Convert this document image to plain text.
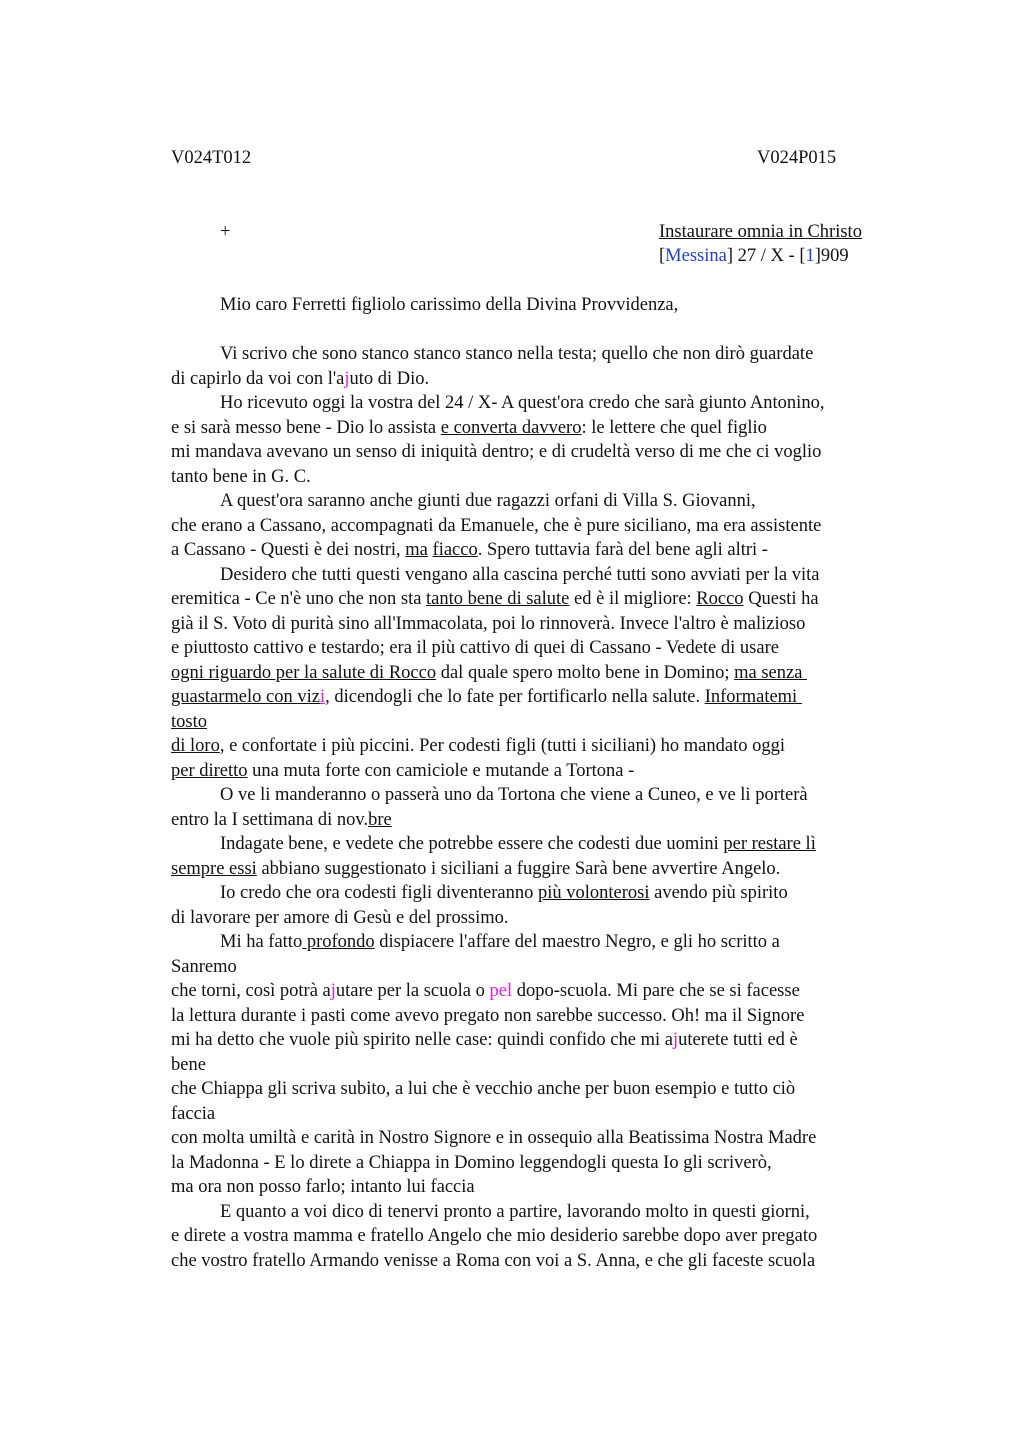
V024T012	V024P015
+	Instaurare omnia in Christo
[Messina] 27 / X - [1]909
Mio caro Ferretti figliolo carissimo della Divina Provvidenza,
Vi scrivo che sono stanco stanco stanco nella testa; quello che non dirò guardate
di capirlo da voi con l'ajuto di Dio.
Ho ricevuto oggi la vostra del 24 / X- A quest'ora credo che sarà giunto Antonino,
e si sarà messo bene - Dio lo assista e converta davvero: le lettere che quel figlio
mi mandava avevano un senso di iniquità dentro; e di crudeltà verso di me che ci voglio
tanto bene in G. C.
A quest'ora saranno anche giunti due ragazzi orfani di Villa S. Giovanni,
che erano a Cassano, accompagnati da Emanuele, che è pure siciliano, ma era assistente
a Cassano - Questi è dei nostri, ma fiacco. Spero tuttavia farà del bene agli altri -
Desidero che tutti questi vengano alla cascina perché tutti sono avviati per la vita
eremitica - Ce n'è uno che non sta tanto bene di salute ed è il migliore: Rocco Questi ha
già il S. Voto di purità sino all'Immacolata, poi lo rinnoverà. Invece l'altro è malizioso
e piuttosto cattivo e testardo; era il più cattivo di quei di Cassano - Vedete di usare
ogni riguardo per la salute di Rocco dal quale spero molto bene in Domino; ma senza
guastarmelo con vizi, dicendogli che lo fate per fortificarlo nella salute. Informatemi
tosto
di loro, e confortate i più piccini. Per codesti figli (tutti i siciliani) ho mandato oggi
per diretto una muta forte con camiciole e mutande a Tortona -
O ve li manderanno o passerà uno da Tortona che viene a Cuneo, e ve li porterà
entro la I settimana di nov.bre
Indagate bene, e vedete che potrebbe essere che codesti due uomini per restare lì
sempre essi abbiano suggestionato i siciliani a fuggire Sarà bene avvertire Angelo.
Io credo che ora codesti figli diventeranno più volonterosi avendo più spirito
di lavorare per amore di Gesù e del prossimo.
Mi ha fatto profondo dispiacere l'affare del maestro Negro, e gli ho scritto a
Sanremo
che torni, così potrà ajutare per la scuola o pel dopo-scuola. Mi pare che se si facesse
la lettura durante i pasti come avevo pregato non sarebbe successo. Oh! ma il Signore
mi ha detto che vuole più spirito nelle case: quindi confido che mi ajuterete tutti ed è
bene
che Chiappa gli scriva subito, a lui che è vecchio anche per buon esempio e tutto ciò
faccia
con molta umiltà e carità in Nostro Signore e in ossequio alla Beatissima Nostra Madre
la Madonna - E lo direte a Chiappa in Domino leggendogli questa Io gli scriverò,
ma ora non posso farlo; intanto lui faccia
E quanto a voi dico di tenervi pronto a partire, lavorando molto in questi giorni,
e direte a vostra mamma e fratello Angelo che mio desiderio sarebbe dopo aver pregato
che vostro fratello Armando venisse a Roma con voi a S. Anna, e che gli faceste scuola
